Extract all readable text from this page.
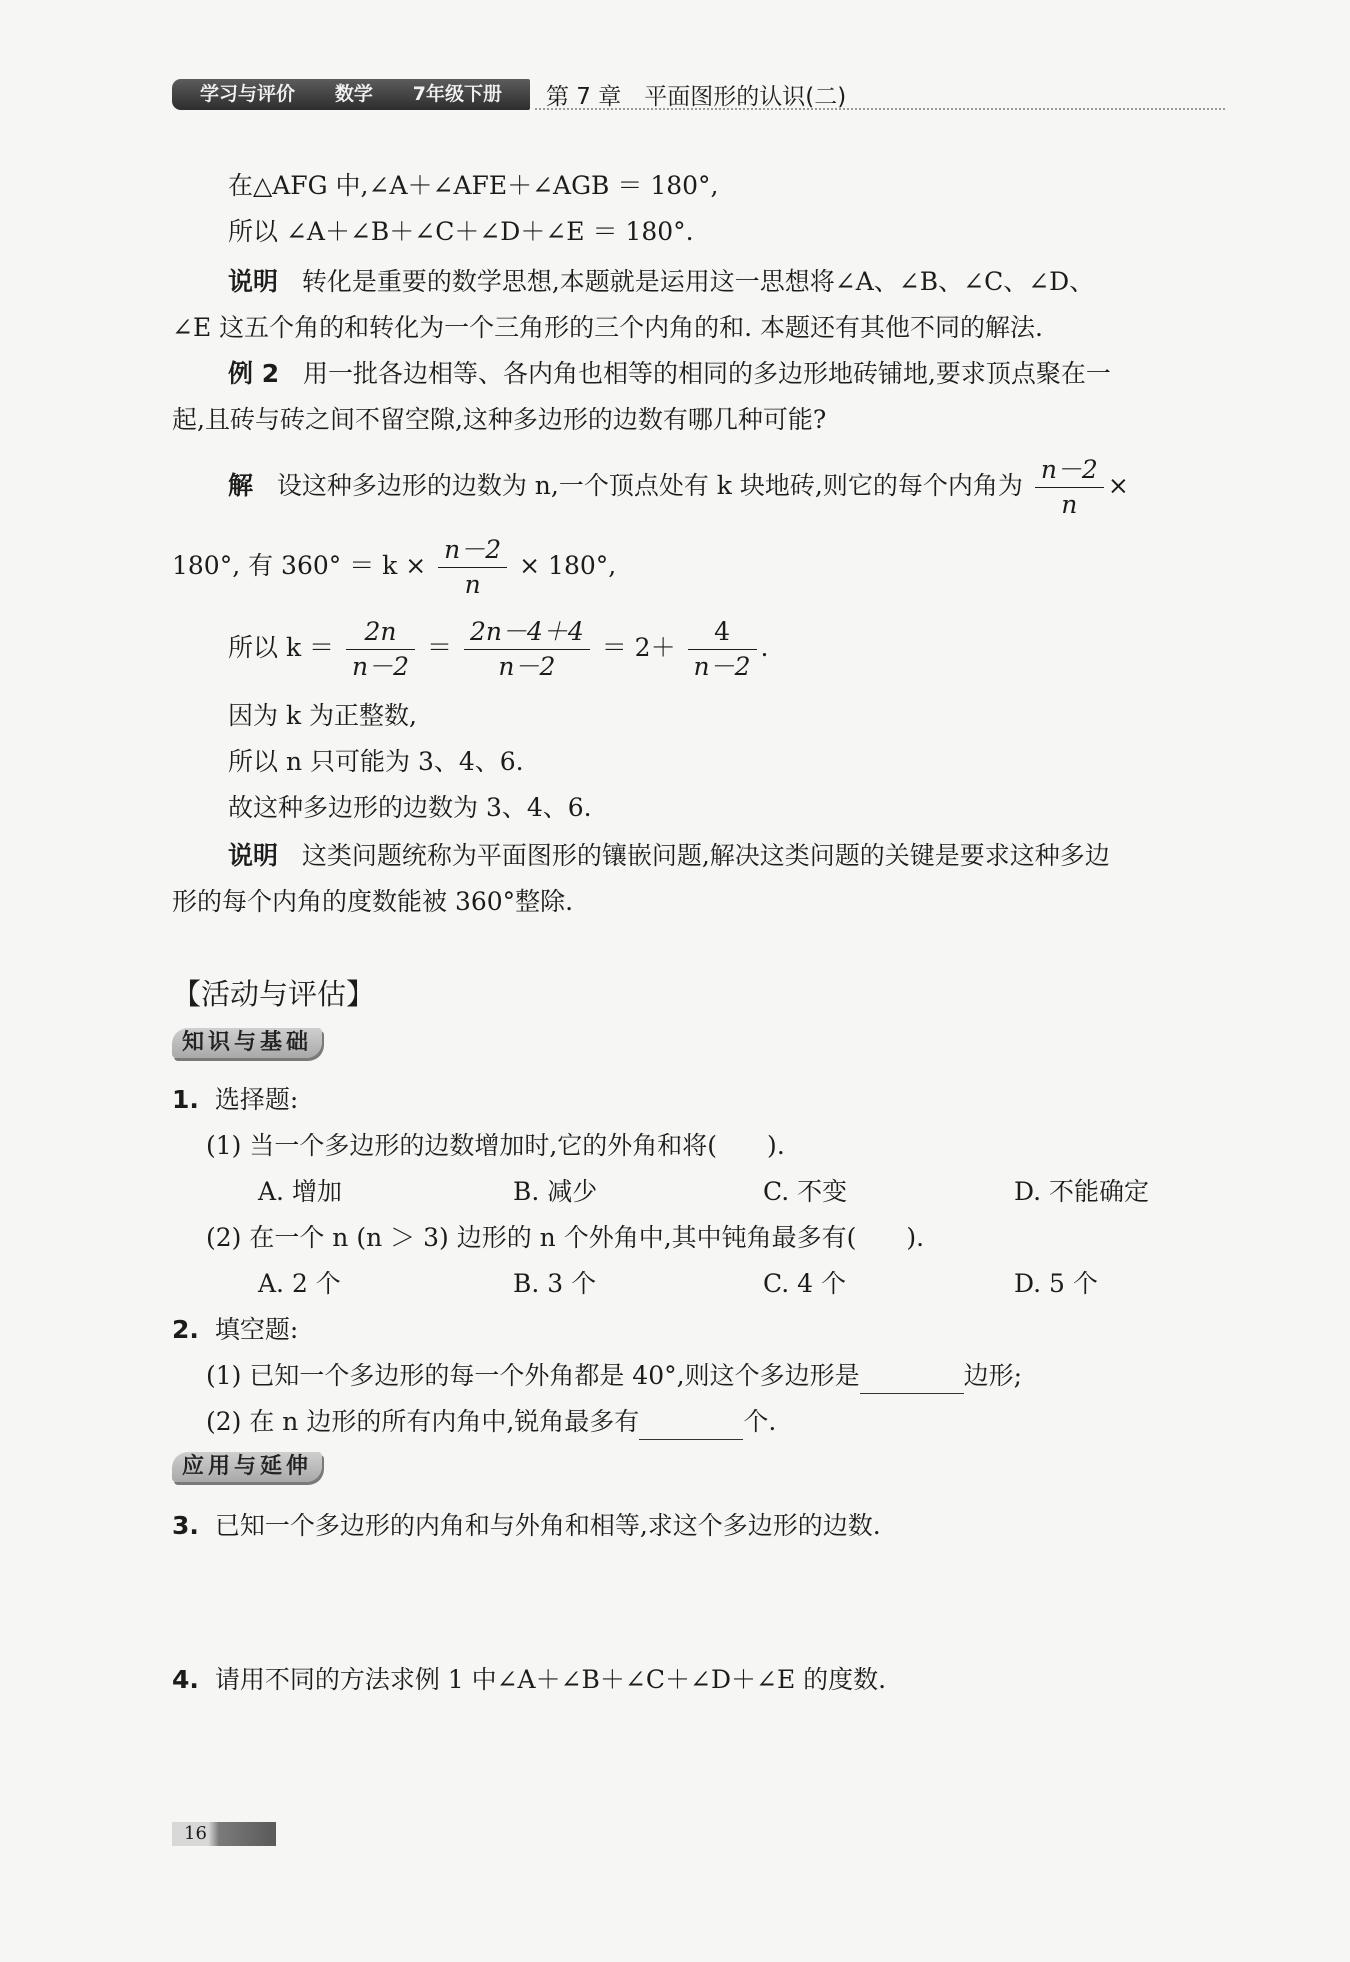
学习与评价 数学 7年级下册 第 7 章　平面图形的认识(二)
在△AFG 中,∠A＋∠AFE＋∠AGB ＝ 180°,
所以 ∠A＋∠B＋∠C＋∠D＋∠E ＝ 180°.
说明 转化是重要的数学思想,本题就是运用这一思想将∠A、∠B、∠C、∠D、
∠E 这五个角的和转化为一个三角形的三个内角的和. 本题还有其他不同的解法.
例 2 用一批各边相等、各内角也相等的相同的多边形地砖铺地,要求顶点聚在一
起,且砖与砖之间不留空隙,这种多边形的边数有哪几种可能?
解 设这种多边形的边数为 n,一个顶点处有 k 块地砖,则它的每个内角为 $\frac{n-2}{n}$ ×
180°, 有 $360^\circ = k \times \frac{n-2}{n} \times 180^\circ$,
所以 $k = \frac{2n}{n-2} = \frac{2n-4+4}{n-2} = 2+ \frac{4}{n-2}$ .
因为 k 为正整数,
所以 n 只可能为 3、4、6.
故这种多边形的边数为 3、4、6.
说明 这类问题统称为平面图形的镶嵌问题,解决这类问题的关键是要求这种多边
形的每个内角的度数能被 360°整除.
【活动与评估】
知识与基础
1. 选择题:
(1) 当一个多边形的边数增加时,它的外角和将(　　).
A. 增加	B. 减少	C. 不变	D. 不能确定
(2) 在一个 n (n ＞ 3) 边形的 n 个外角中,其中钝角最多有(　　).
A. 2 个	B. 3 个	C. 4 个	D. 5 个
2. 填空题:
(1) 已知一个多边形的每一个外角都是 40°,则这个多边形是	边形;
(2) 在 n 边形的所有内角中,锐角最多有	个.
应用与延伸
3. 已知一个多边形的内角和与外角和相等,求这个多边形的边数.
4. 请用不同的方法求例 1 中∠A＋∠B＋∠C＋∠D＋∠E 的度数.
16
